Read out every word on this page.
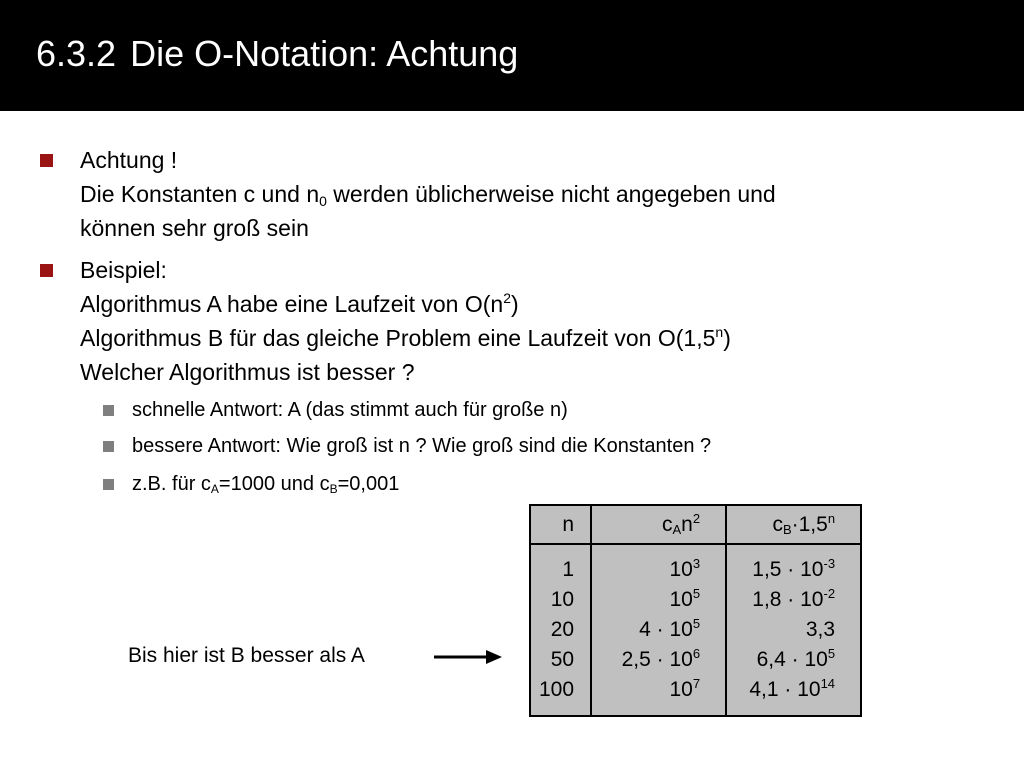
6.3.2 Die O-Notation: Achtung
Achtung !
Die Konstanten c und $n_0$ werden üblicherweise nicht angegeben und
können sehr groß sein
Beispiel:
Algorithmus A habe eine Laufzeit von $O(n^2)$
Algorithmus B für das gleiche Problem eine Laufzeit von O(1,5$^n$)
Welcher Algorithmus ist besser ?
schnelle Antwort: A (das stimmt auch für große n)
bessere Antwort: Wie groß ist n ? Wie groß sind die Konstanten ?
z.B. für $c_A=1000$ und $c_B=0,001$
n	$c_An^2$	$c_B\cdot 1,5^n$
1	$10^3$	$1,5 \cdot 10^{-3}$
10	$10^5$	$1,8 \cdot 10^{-2}$
20	$4 \cdot 10^5$	3,3
50	$2,5 \cdot 10^6$	$6,4 \cdot 10^5$
100	$10^7$	$4,1 \cdot 10^{14}$
Bis hier ist B besser als A
